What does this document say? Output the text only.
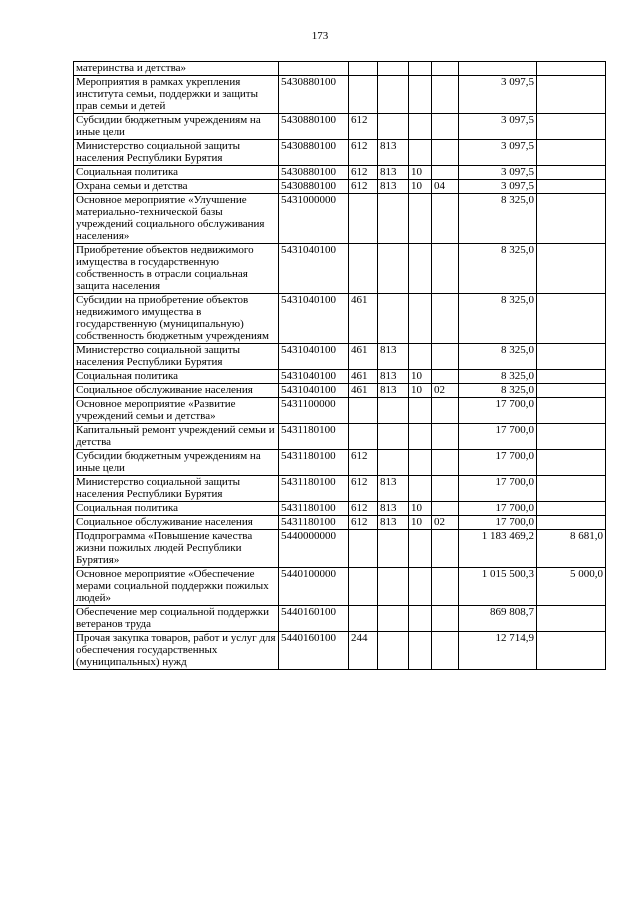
173
материнства и детства»							
Мероприятия в рамках укрепления института семьи, поддержки и защиты прав семьи и детей	5430880100					3 097,5	
Субсидии бюджетным учреждениям на иные цели	5430880100	612				3 097,5	
Министерство социальной защиты населения Республики Бурятия	5430880100	612	813			3 097,5	
Социальная политика	5430880100	612	813	10		3 097,5	
Охрана семьи и детства	5430880100	612	813	10	04	3 097,5	
Основное мероприятие «Улучшение материально-технической базы учреждений социального обслуживания населения»	5431000000					8 325,0	
Приобретение объектов недвижимого имущества в государственную собственность в отрасли социальная защита населения	5431040100					8 325,0	
Субсидии на приобретение объектов недвижимого имущества в государственную (муниципальную) собственность бюджетным учреждениям	5431040100	461				8 325,0	
Министерство социальной защиты населения Республики Бурятия	5431040100	461	813			8 325,0	
Социальная политика	5431040100	461	813	10		8 325,0	
Социальное обслуживание населения	5431040100	461	813	10	02	8 325,0	
Основное мероприятие «Развитие учреждений семьи и детства»	5431100000					17 700,0	
Капитальный ремонт учреждений семьи и детства	5431180100					17 700,0	
Субсидии бюджетным учреждениям на иные цели	5431180100	612				17 700,0	
Министерство социальной защиты населения Республики Бурятия	5431180100	612	813			17 700,0	
Социальная политика	5431180100	612	813	10		17 700,0	
Социальное обслуживание населения	5431180100	612	813	10	02	17 700,0	
Подпрограмма «Повышение качества жизни пожилых людей Республики Бурятия»	5440000000					1 183 469,2	8 681,0
Основное мероприятие «Обеспечение мерами социальной поддержки пожилых людей»	5440100000					1 015 500,3	5 000,0
Обеспечение мер социальной поддержки ветеранов труда	5440160100					869 808,7	
Прочая закупка товаров, работ и услуг для обеспечения государственных (муниципальных) нужд	5440160100	244				12 714,9	
